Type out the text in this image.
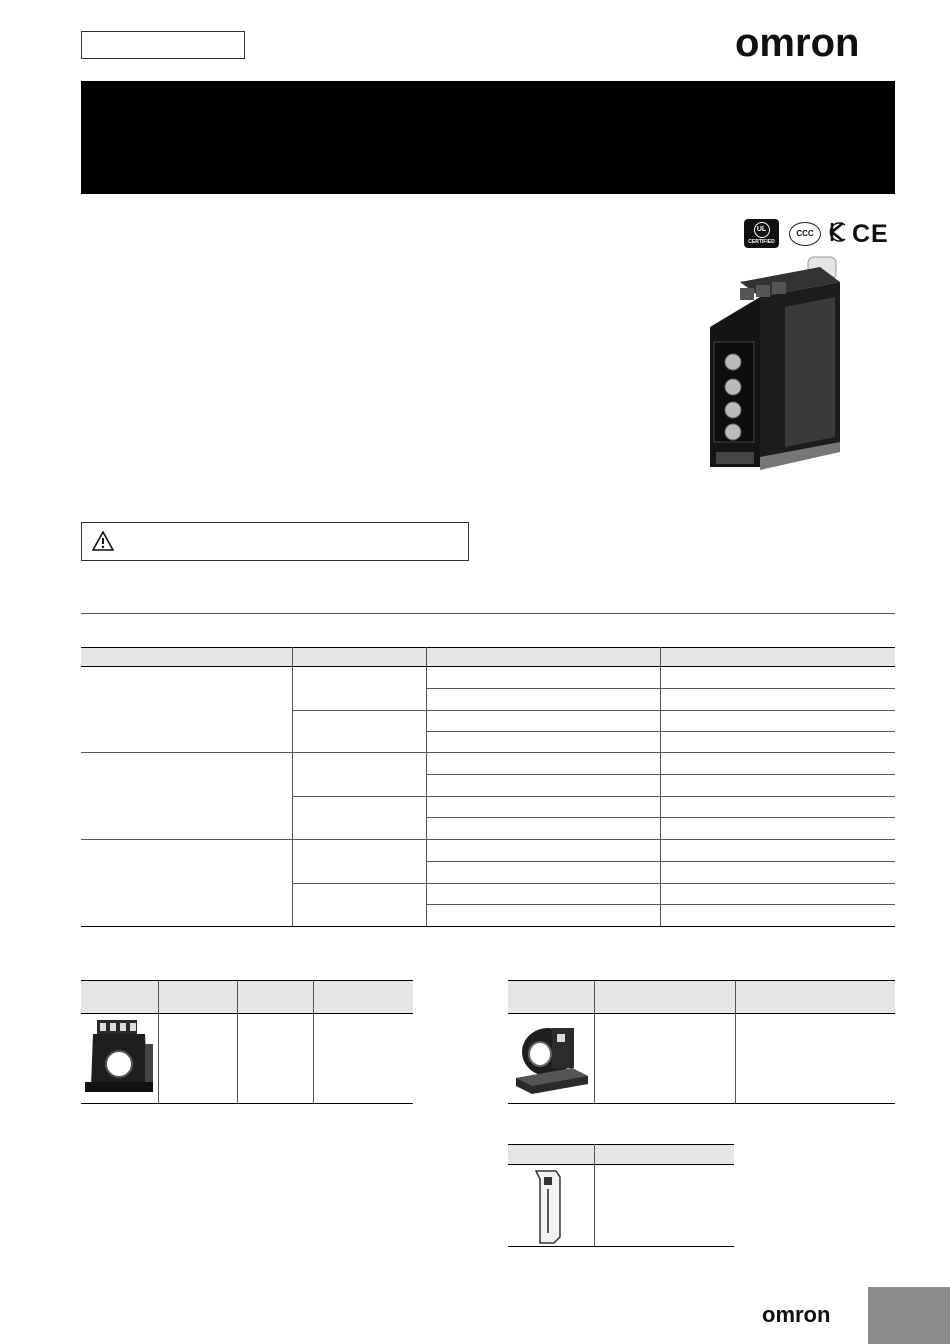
omron
UL
CERTIFIED
CCC CE
omron
